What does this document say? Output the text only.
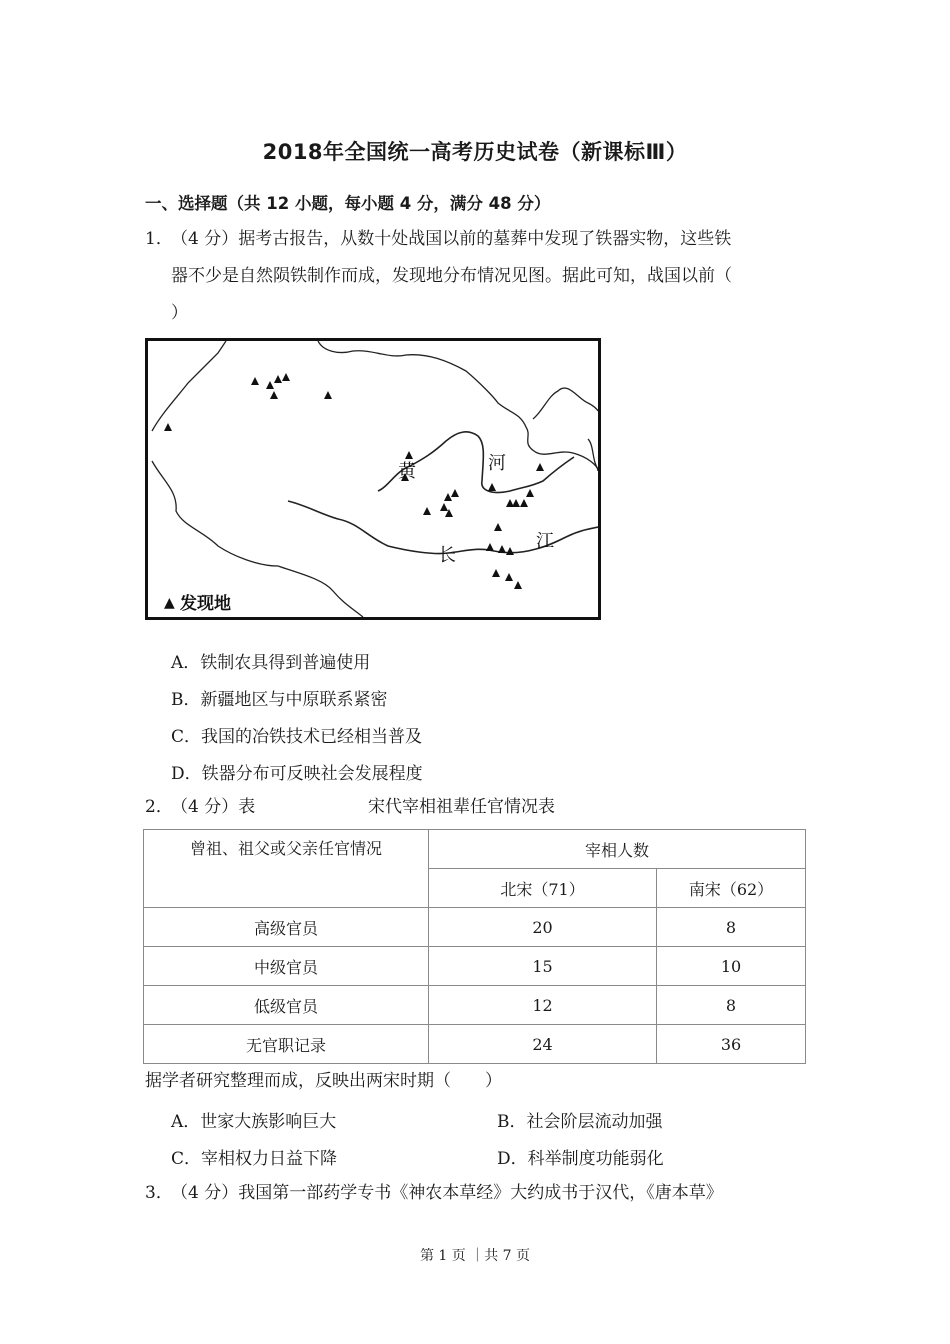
2018年全国统一高考历史试卷（新课标Ⅲ）
一、选择题（共 12 小题，每小题 4 分，满分 48 分）
1．（4 分）据考古报告，从数十处战国以前的墓葬中发现了铁器实物，这些铁
器不少是自然陨铁制作而成，发现地分布情况见图。据此可知，战国以前（
）
黄	河
长
江
▲ 发现地
A．铁制农具得到普遍使用
B．新疆地区与中原联系紧密
C．我国的冶铁技术已经相当普及
D．铁器分布可反映社会发展程度
2．（4 分）表	宋代宰相祖辈任官情况表
曾祖、祖父或父亲任官情况	宰相人数	
	北宋（71）	南宋（62）
高级官员	20	8
中级官员	15	10
低级官员	12	8
无官职记录	24	36
据学者研究整理而成，反映出两宋时期（　　）
A．世家大族影响巨大	B．社会阶层流动加强
C．宰相权力日益下降	D．科举制度功能弱化
3．（4 分）我国第一部药学专书《神农本草经》大约成书于汉代，《唐本草》
第 1 页 ｜共 7 页
